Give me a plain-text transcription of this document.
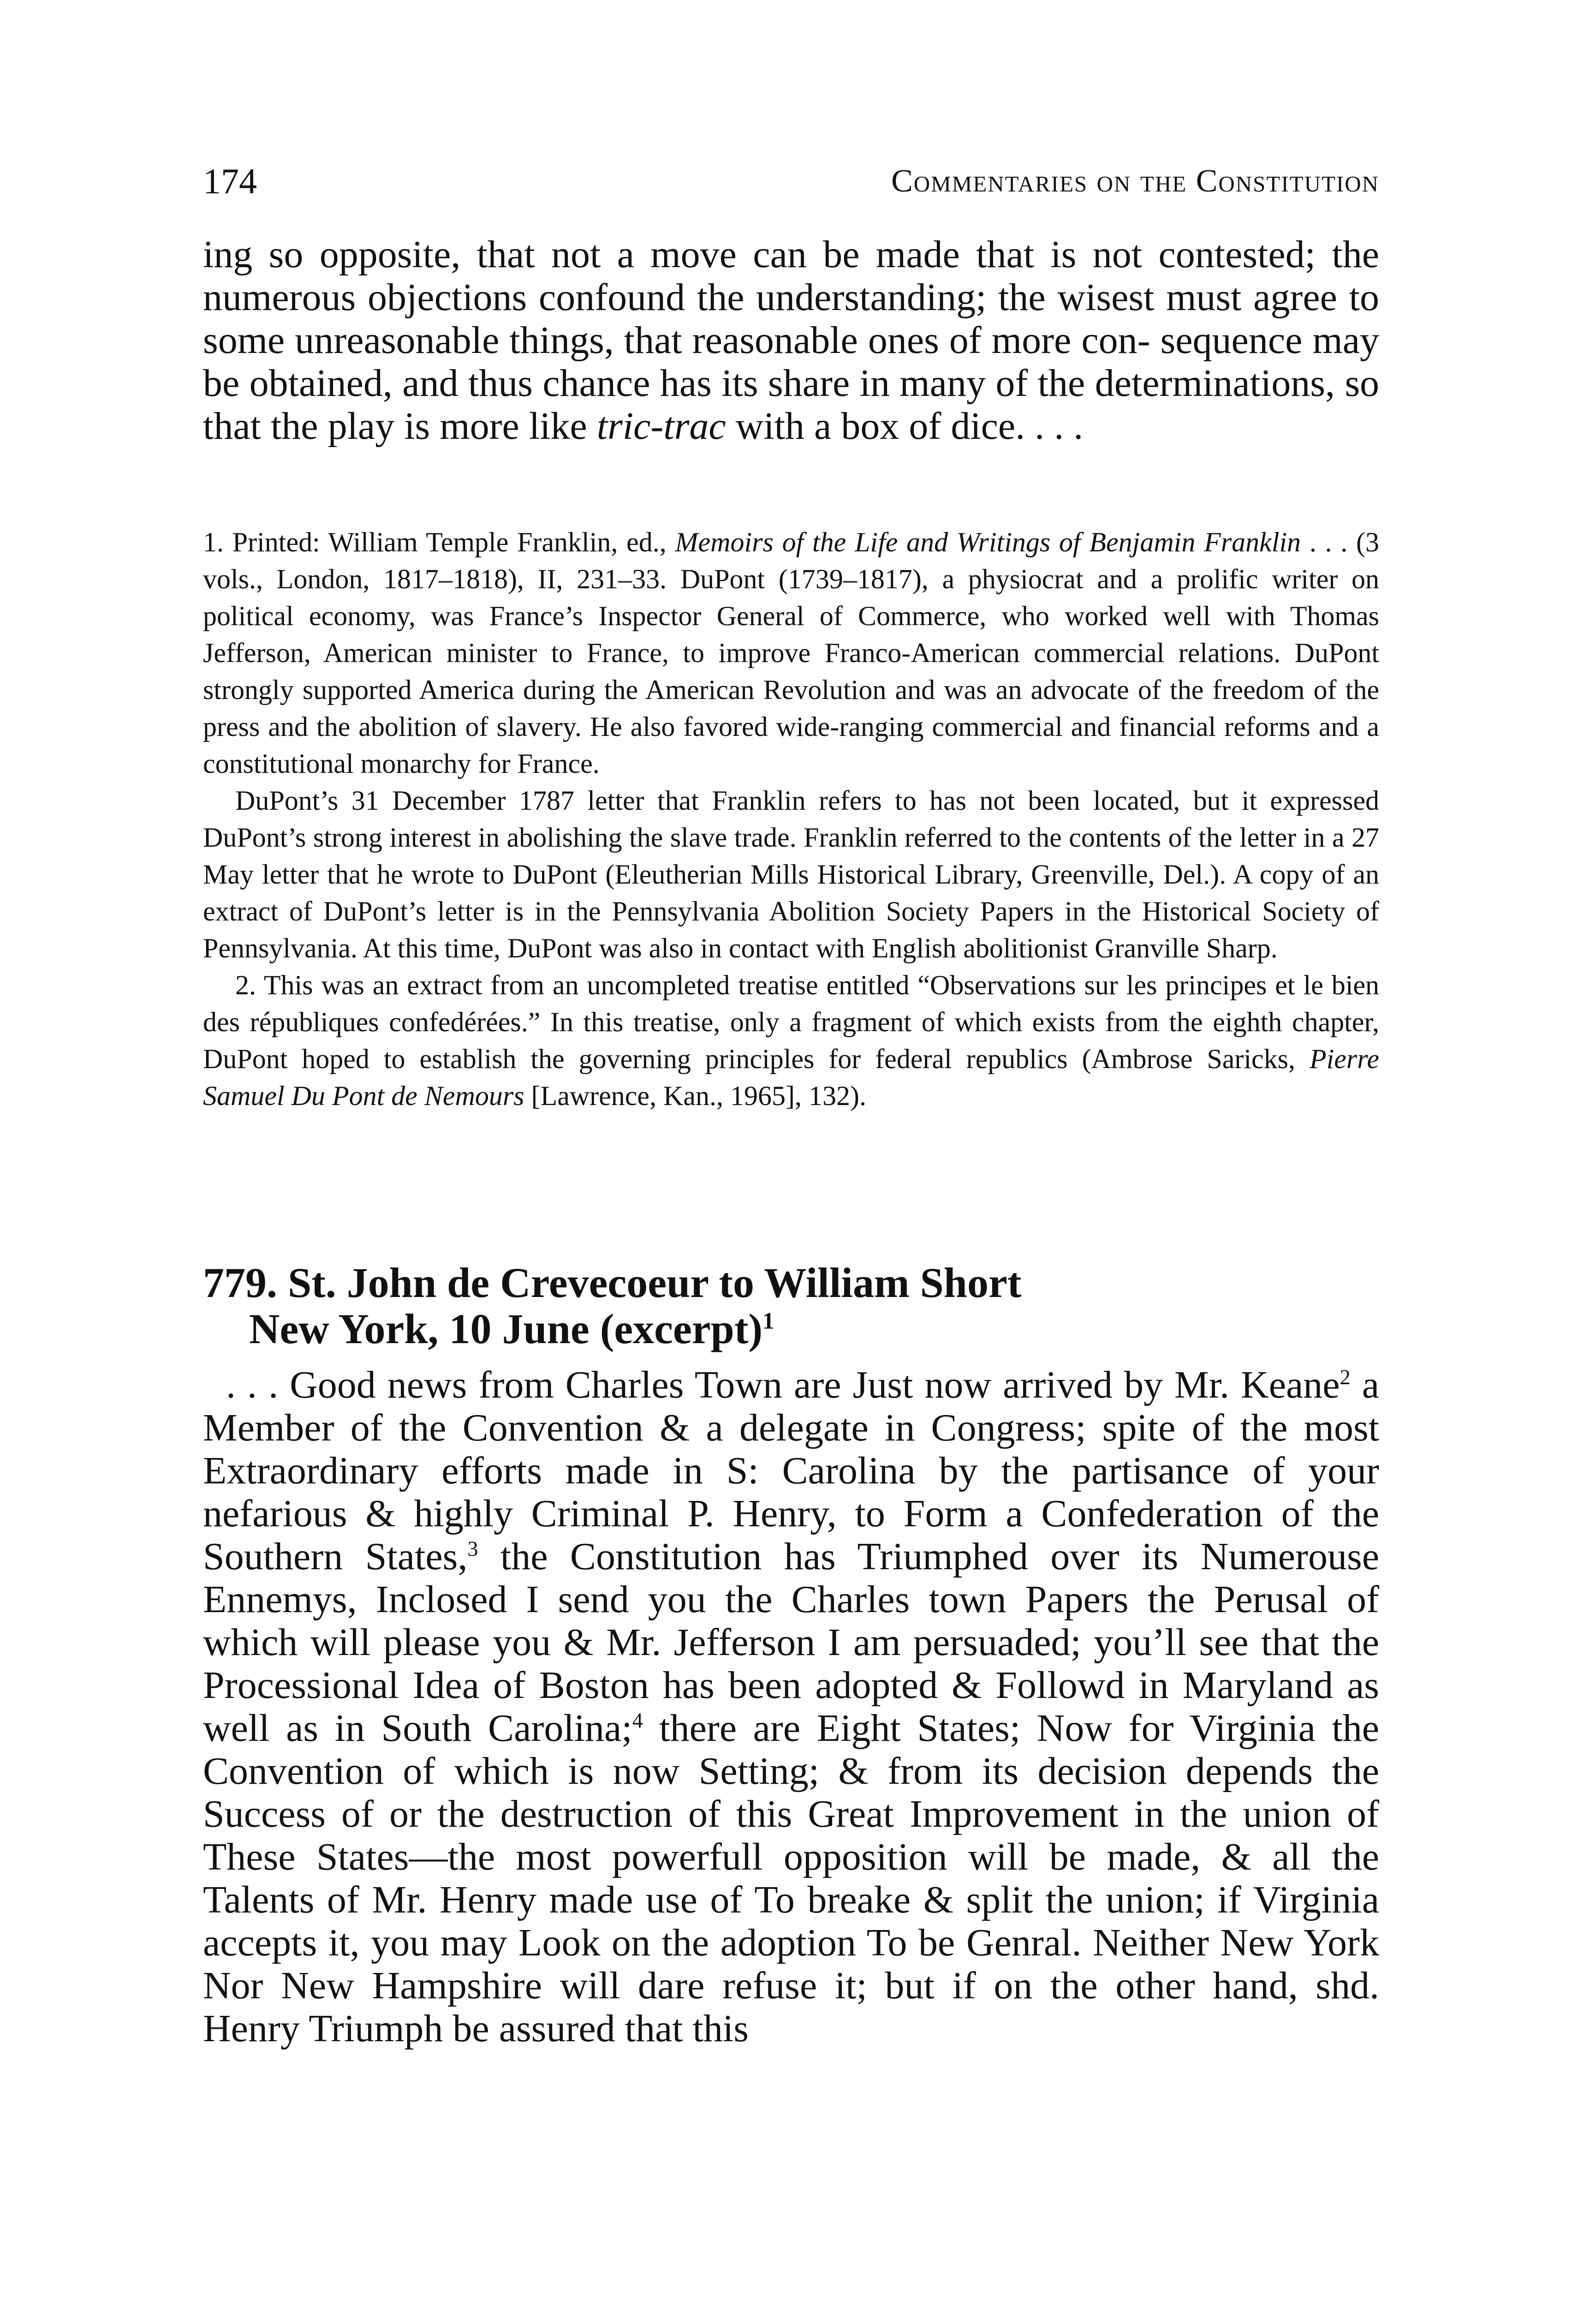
174	Commentaries on the Constitution

ing so opposite, that not a move can be made that is not contested; the numerous objections confound the understanding; the wisest must agree to some unreasonable things, that reasonable ones of more con- sequence may be obtained, and thus chance has its share in many of the determinations, so that the play is more like tric-trac with a box of dice. . . .

1. Printed: William Temple Franklin, ed., Memoirs of the Life and Writings of Benjamin Franklin . . . (3 vols., London, 1817–1818), II, 231–33. DuPont (1739–1817), a physiocrat and a prolific writer on political economy, was France’s Inspector General of Commerce, who worked well with Thomas Jefferson, American minister to France, to improve Franco-American commercial relations. DuPont strongly supported America during the American Revolution and was an advocate of the freedom of the press and the abolition of slavery. He also favored wide-ranging commercial and financial reforms and a constitutional monarchy for France.

DuPont’s 31 December 1787 letter that Franklin refers to has not been located, but it expressed DuPont’s strong interest in abolishing the slave trade. Franklin referred to the contents of the letter in a 27 May letter that he wrote to DuPont (Eleutherian Mills Historical Library, Greenville, Del.). A copy of an extract of DuPont’s letter is in the Pennsylvania Abolition Society Papers in the Historical Society of Pennsylvania. At this time, DuPont was also in contact with English abolitionist Granville Sharp.

2. This was an extract from an uncompleted treatise entitled “Observations sur les principes et le bien des républiques confedérées.” In this treatise, only a fragment of which exists from the eighth chapter, DuPont hoped to establish the governing principles for federal republics (Ambrose Saricks, Pierre Samuel Du Pont de Nemours [Lawrence, Kan., 1965], 132).

779. St. John de Crevecoeur to William Short
New York, 10 June (excerpt)$^1$

. . . Good news from Charles Town are Just now arrived by Mr. Keane$^2$ a Member of the Convention & a delegate in Congress; spite of the most Extraordinary efforts made in S: Carolina by the partisance of your nefarious & highly Criminal P. Henry, to Form a Confederation of the Southern States,$^3$ the Constitution has Triumphed over its Numerouse Ennemys, Inclosed I send you the Charles town Papers the Perusal of which will please you & Mr. Jefferson I am persuaded; you’ll see that the Processional Idea of Boston has been adopted & Followd in Maryland as well as in South Carolina;$^4$ there are Eight States; Now for Virginia the Convention of which is now Setting; & from its decision depends the Success of or the destruction of this Great Improvement in the union of These States—the most powerfull opposition will be made, & all the Talents of Mr. Henry made use of To breake & split the union; if Virginia accepts it, you may Look on the adoption To be Genral. Neither New York Nor New Hampshire will dare refuse it; but if on the other hand, shd. Henry Triumph be assured that this
